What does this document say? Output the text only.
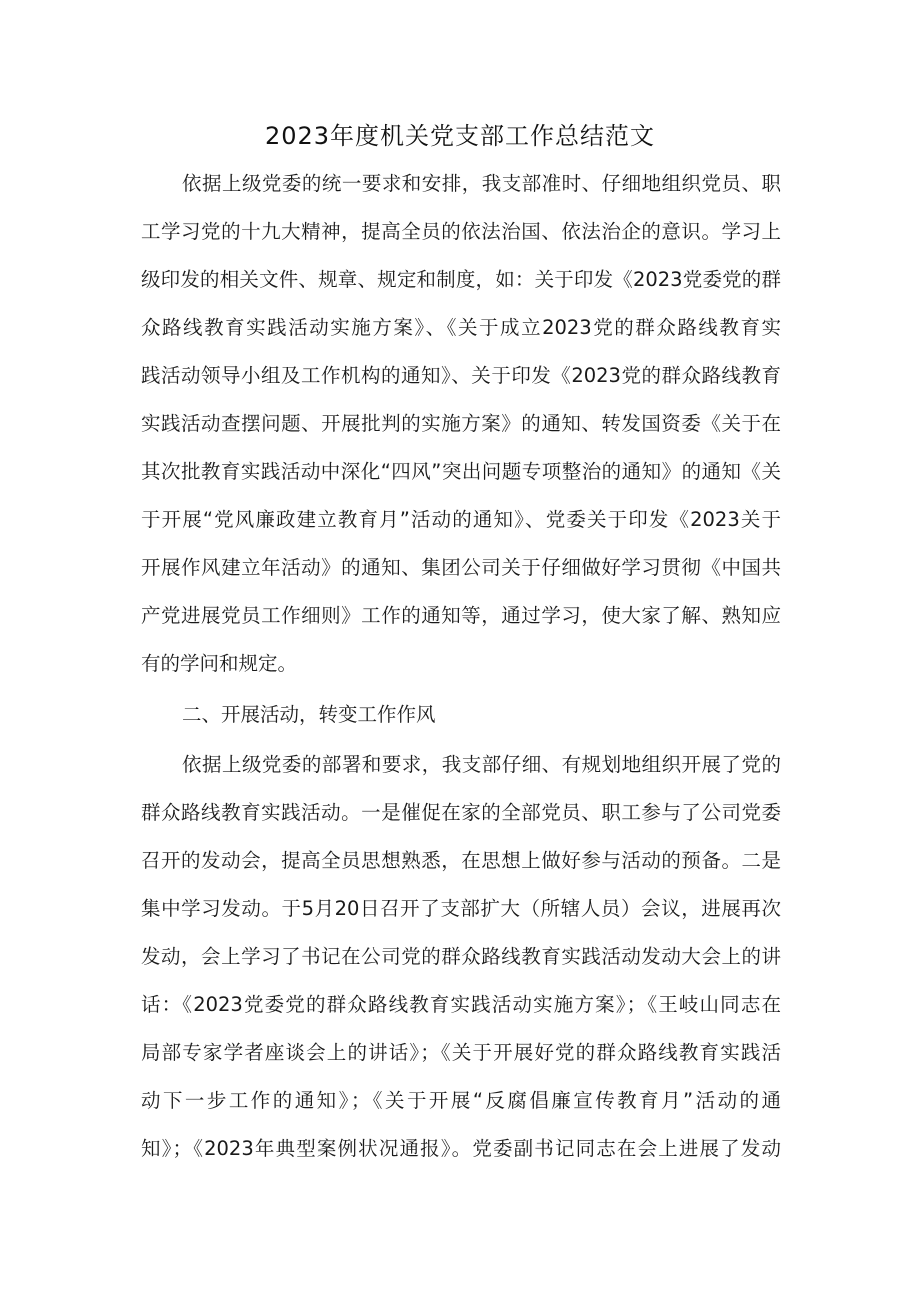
2023年度机关党支部工作总结范文
依据上级党委的统一要求和安排，我支部准时、仔细地组织党员、职
工学习党的十九大精神，提高全员的依法治国、依法治企的意识。学习上
级印发的相关文件、规章、规定和制度，如：关于印发《2023党委党的群
众路线教育实践活动实施方案》、《关于成立2023党的群众路线教育实
践活动领导小组及工作机构的通知》、关于印发《2023党的群众路线教育
实践活动查摆问题、开展批判的实施方案》的通知、转发国资委《关于在
其次批教育实践活动中深化“四风”突出问题专项整治的通知》的通知《关
于开展“党风廉政建立教育月”活动的通知》、党委关于印发《2023关于
开展作风建立年活动》的通知、集团公司关于仔细做好学习贯彻《中国共
产党进展党员工作细则》工作的通知等，通过学习，使大家了解、熟知应
有的学问和规定。
二、开展活动，转变工作作风
依据上级党委的部署和要求，我支部仔细、有规划地组织开展了党的
群众路线教育实践活动。一是催促在家的全部党员、职工参与了公司党委
召开的发动会，提高全员思想熟悉，在思想上做好参与活动的预备。二是
集中学习发动。于5月20日召开了支部扩大（所辖人员）会议，进展再次
发动，会上学习了书记在公司党的群众路线教育实践活动发动大会上的讲
话：《2023党委党的群众路线教育实践活动实施方案》；《王岐山同志在
局部专家学者座谈会上的讲话》；《关于开展好党的群众路线教育实践活
动下一步工作的通知》；《关于开展“反腐倡廉宣传教育月”活动的通
知》；《2023年典型案例状况通报》。党委副书记同志在会上进展了发动
